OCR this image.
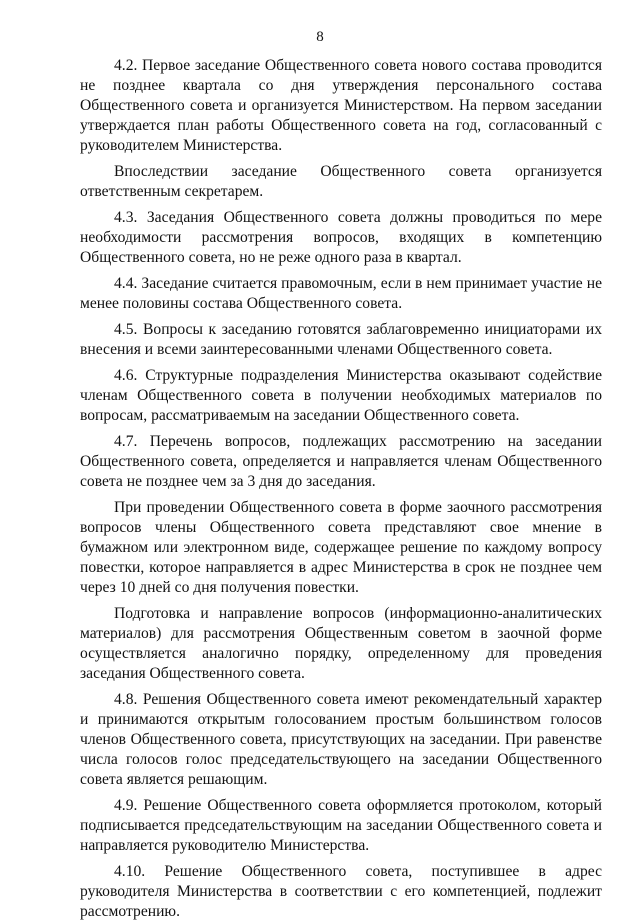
8

4.2. Первое заседание Общественного совета нового состава проводится не позднее квартала со дня утверждения персонального состава Общественного совета и организуется Министерством. На первом заседании утверждается план работы Общественного совета на год, согласованный с руководителем Министерства.

Впоследствии заседание Общественного совета организуется ответственным секретарем.

4.3. Заседания Общественного совета должны проводиться по мере необходимости рассмотрения вопросов, входящих в компетенцию Общественного совета, но не реже одного раза в квартал.

4.4. Заседание считается правомочным, если в нем принимает участие не менее половины состава Общественного совета.

4.5. Вопросы к заседанию готовятся заблаговременно инициаторами их внесения и всеми заинтересованными членами Общественного совета.

4.6. Структурные подразделения Министерства оказывают содействие членам Общественного совета в получении необходимых материалов по вопросам, рассматриваемым на заседании Общественного совета.

4.7. Перечень вопросов, подлежащих рассмотрению на заседании Общественного совета, определяется и направляется членам Общественного совета не позднее чем за 3 дня до заседания.

При проведении Общественного совета в форме заочного рассмотрения вопросов члены Общественного совета представляют свое мнение в бумажном или электронном виде, содержащее решение по каждому вопросу повестки, которое направляется в адрес Министерства в срок не позднее чем через 10 дней со дня получения повестки.

Подготовка и направление вопросов (информационно-аналитических материалов) для рассмотрения Общественным советом в заочной форме осуществляется аналогично порядку, определенному для проведения заседания Общественного совета.

4.8. Решения Общественного совета имеют рекомендательный характер и принимаются открытым голосованием простым большинством голосов членов Общественного совета, присутствующих на заседании. При равенстве числа голосов голос председательствующего на заседании Общественного совета является решающим.

4.9. Решение Общественного совета оформляется протоколом, который подписывается председательствующим на заседании Общественного совета и направляется руководителю Министерства.

4.10. Решение Общественного совета, поступившее в адрес руководителя Министерства в соответствии с его компетенцией, подлежит рассмотрению.
